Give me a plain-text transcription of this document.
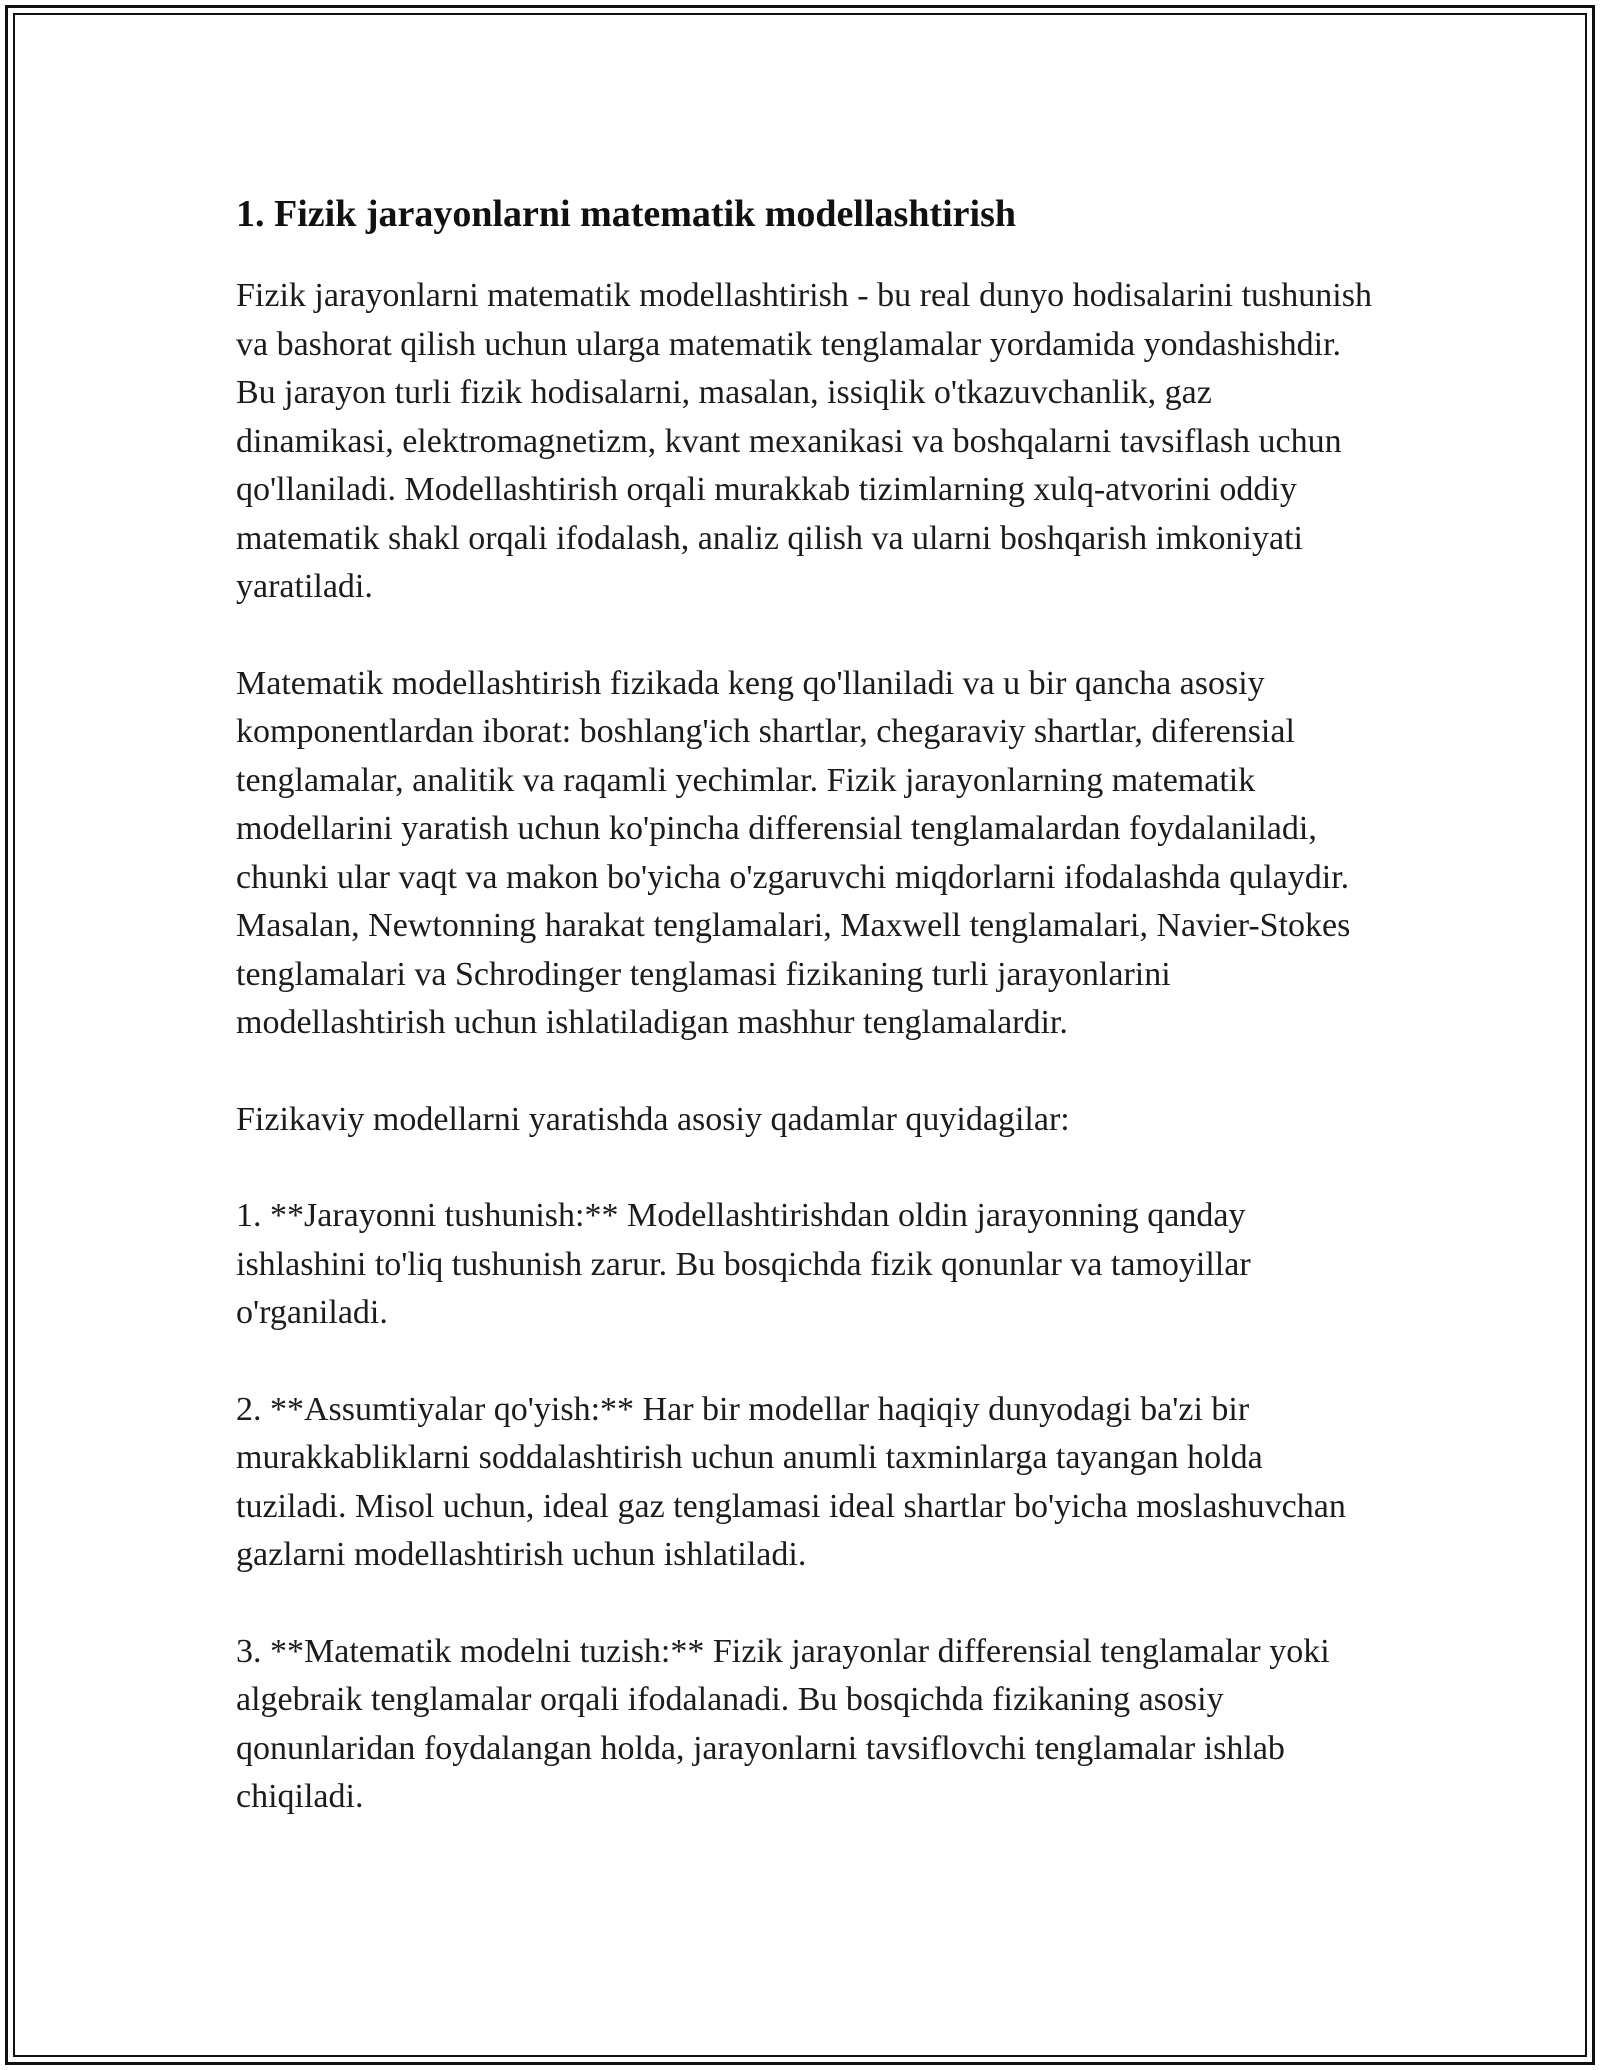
1. Fizik jarayonlarni matematik modellashtirish

Fizik jarayonlarni matematik modellashtirish - bu real dunyo hodisalarini tushunish va bashorat qilish uchun ularga matematik tenglamalar yordamida yondashishdir. Bu jarayon turli fizik hodisalarni, masalan, issiqlik o'tkazuvchanlik, gaz dinamikasi, elektromagnetizm, kvant mexanikasi va boshqalarni tavsiflash uchun qo'llaniladi. Modellashtirish orqali murakkab tizimlarning xulq-atvorini oddiy matematik shakl orqali ifodalash, analiz qilish va ularni boshqarish imkoniyati yaratiladi.

Matematik modellashtirish fizikada keng qo'llaniladi va u bir qancha asosiy komponentlardan iborat: boshlang'ich shartlar, chegaraviy shartlar, diferensial tenglamalar, analitik va raqamli yechimlar. Fizik jarayonlarning matematik modellarini yaratish uchun ko'pincha differensial tenglamalardan foydalaniladi, chunki ular vaqt va makon bo'yicha o'zgaruvchi miqdorlarni ifodalashda qulaydir. Masalan, Newtonning harakat tenglamalari, Maxwell tenglamalari, Navier-Stokes tenglamalari va Schrodinger tenglamasi fizikaning turli jarayonlarini modellashtirish uchun ishlatiladigan mashhur tenglamalardir.

Fizikaviy modellarni yaratishda asosiy qadamlar quyidagilar:

1. **Jarayonni tushunish:** Modellashtirishdan oldin jarayonning qanday ishlashini to'liq tushunish zarur. Bu bosqichda fizik qonunlar va tamoyillar o'rganiladi.

2. **Assumtiyalar qo'yish:** Har bir modellar haqiqiy dunyodagi ba'zi bir murakkabliklarni soddalashtirish uchun anumli taxminlarga tayangan holda tuziladi. Misol uchun, ideal gaz tenglamasi ideal shartlar bo'yicha moslashuvchan gazlarni modellashtirish uchun ishlatiladi.

3. **Matematik modelni tuzish:** Fizik jarayonlar differensial tenglamalar yoki algebraik tenglamalar orqali ifodalanadi. Bu bosqichda fizikaning asosiy qonunlaridan foydalangan holda, jarayonlarni tavsiflovchi tenglamalar ishlab chiqiladi.
